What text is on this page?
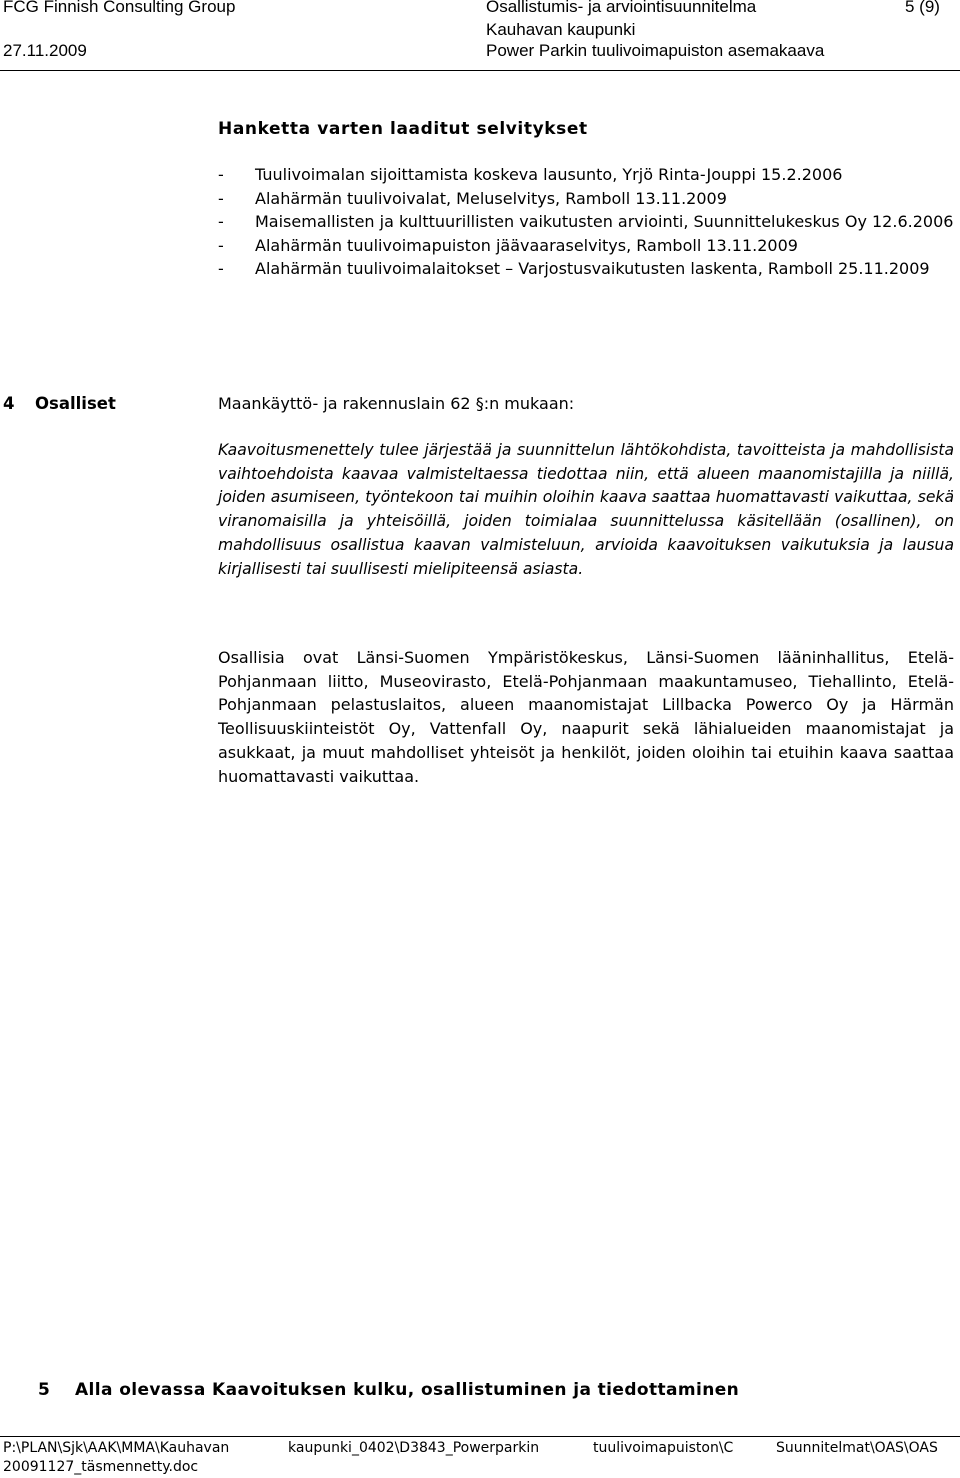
FCG Finnish Consulting Group
27.11.2009
Osallistumis- ja arviointisuunnitelma
Kauhavan kaupunki
Power Parkin tuulivoimapuiston asemakaava
5 (9)
Hanketta varten laaditut selvitykset
- Tuulivoimalan sijoittamista koskeva lausunto, Yrjö Rinta-Jouppi 15.2.2006
- Alahärmän tuulivoivalat, Meluselvitys, Ramboll 13.11.2009
- Maisemallisten ja kulttuurillisten vaikutusten arviointi, Suunnittelukeskus Oy 12.6.2006
- Alahärmän tuulivoimapuiston jäävaaraselvitys, Ramboll 13.11.2009
- Alahärmän tuulivoimalaitokset – Varjostusvaikutusten laskenta, Ramboll 25.11.2009
4 Osalliset	Maankäyttö- ja rakennuslain 62 §:n mukaan:

Kaavoitusmenettely tulee järjestää ja suunnittelun lähtökohdista, tavoitteista ja mahdollisista vaihtoehdoista kaavaa valmisteltaessa tiedottaa niin, että alueen maanomistajilla ja niillä, joiden asumiseen, työntekoon tai muihin oloihin kaava saattaa huomattavasti vaikuttaa, sekä viranomaisilla ja yhteisöillä, joiden toimialaa suunnittelussa käsitellään (osallinen), on mahdollisuus osallistua kaavan valmisteluun, arvioida kaavoituksen vaikutuksia ja lausua kirjallisesti tai suullisesti mielipiteensä asiasta.

Osallisia ovat Länsi-Suomen Ympäristökeskus, Länsi-Suomen lääninhallitus, Etelä-Pohjanmaan liitto, Museovirasto, Etelä-Pohjanmaan maakuntamuseo, Tiehallinto, Etelä-Pohjanmaan pelastuslaitos, alueen maanomistajat Lillbacka Powerco Oy ja Härmän Teollisuuskiinteistöt Oy, Vattenfall Oy, naapurit sekä lähialueiden maanomistajat ja asukkaat, ja muut mahdolliset yhteisöt ja henkilöt, joiden oloihin tai etuihin kaava saattaa huomattavasti vaikuttaa.

5 Alla olevassa Kaavoituksen kulku, osallistuminen ja tiedottaminen
P:\PLAN\Sjk\AAK\MMA\Kauhavan	kaupunki_0402\D3843_Powerparkin	tuulivoimapuiston\C	Suunnitelmat\OAS\OAS
20091127_täsmennetty.doc
